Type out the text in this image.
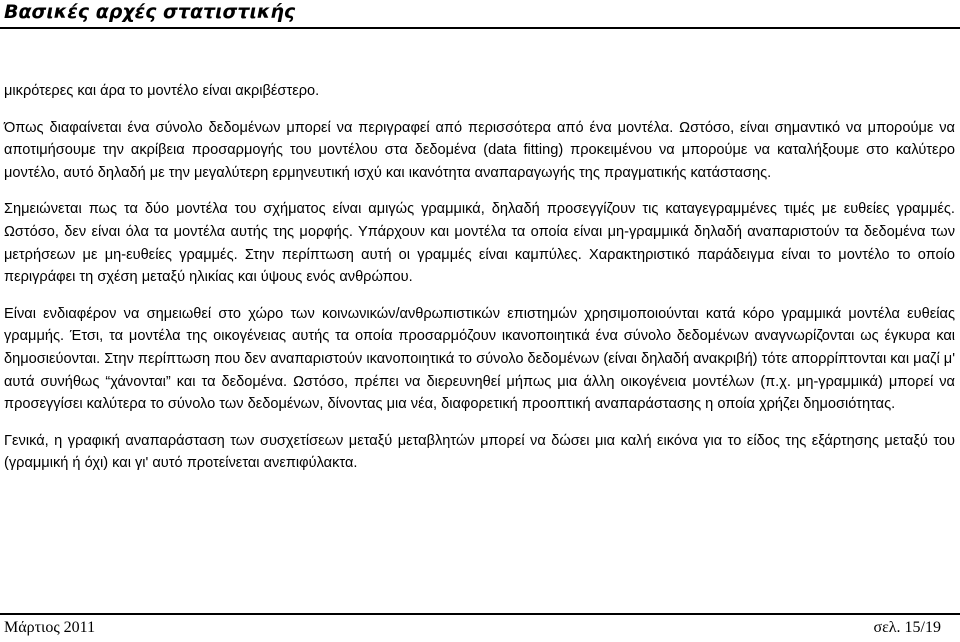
Βασικές αρχές στατιστικής

μικρότερες και άρα το μοντέλο είναι ακριβέστερο.

Όπως διαφαίνεται ένα σύνολο δεδομένων μπορεί να περιγραφεί από περισσότερα από ένα μοντέλα. Ωστόσο, είναι σημαντικό να μπορούμε να αποτιμήσουμε την ακρίβεια προσαρμογής του μοντέλου στα δεδομένα (data fitting) προκειμένου να μπορούμε να καταλήξουμε στο καλύτερο μοντέλο, αυτό δηλαδή με την μεγαλύτερη ερμηνευτική ισχύ και ικανότητα αναπαραγωγής της πραγματικής κατάστασης.

Σημειώνεται πως τα δύο μοντέλα του σχήματος είναι αμιγώς γραμμικά, δηλαδή προσεγγίζουν τις καταγεγραμμένες τιμές με ευθείες γραμμές. Ωστόσο, δεν είναι όλα τα μοντέλα αυτής της μορφής. Υπάρχουν και μοντέλα τα οποία είναι μη-γραμμικά δηλαδή αναπαριστούν τα δεδομένα των μετρήσεων με μη-ευθείες γραμμές. Στην περίπτωση αυτή οι γραμμές είναι καμπύλες. Χαρακτηριστικό παράδειγμα είναι το μοντέλο το οποίο περιγράφει τη σχέση μεταξύ ηλικίας και ύψους ενός ανθρώπου.

Είναι ενδιαφέρον να σημειωθεί στο χώρο των κοινωνικών/ανθρωπιστικών επιστημών χρησιμοποιούνται κατά κόρο γραμμικά μοντέλα ευθείας γραμμής. Έτσι, τα μοντέλα της οικογένειας αυτής τα οποία προσαρμόζουν ικανοποιητικά ένα σύνολο δεδομένων αναγνωρίζονται ως έγκυρα και δημοσιεύονται. Στην περίπτωση που δεν αναπαριστούν ικανοποιητικά το σύνολο δεδομένων (είναι δηλαδή ανακριβή) τότε απορρίπτονται και μαζί μ' αυτά συνήθως “χάνονται” και τα δεδομένα. Ωστόσο, πρέπει να διερευνηθεί μήπως μια άλλη οικογένεια μοντέλων (π.χ. μη-γραμμικά) μπορεί να προσεγγίσει καλύτερα το σύνολο των δεδομένων, δίνοντας μια νέα, διαφορετική προοπτική αναπαράστασης η οποία χρήζει δημοσιότητας.

Γενικά, η γραφική αναπαράσταση των συσχετίσεων μεταξύ μεταβλητών μπορεί να δώσει μια καλή εικόνα για το είδος της εξάρτησης μεταξύ του (γραμμική ή όχι) και γι' αυτό προτείνεται ανεπιφύλακτα.

Μάρτιος 2011	σελ. 15/19
